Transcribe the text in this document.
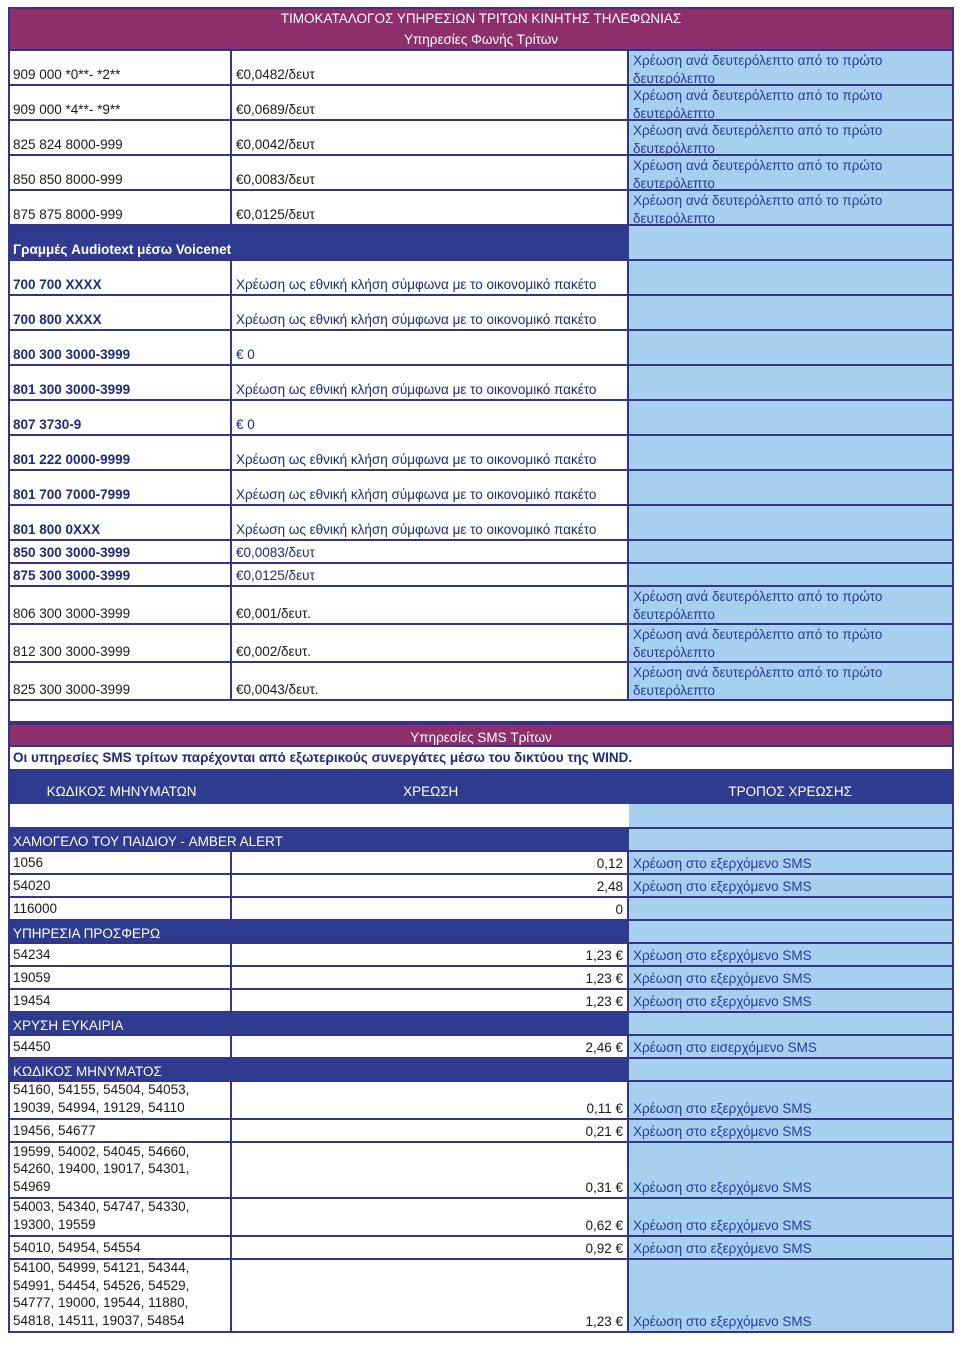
ΤΙΜΟΚΑΤΑΛΟΓΟΣ ΥΠΗΡΕΣΙΩΝ ΤΡΙΤΩΝ ΚΙΝΗΤΗΣ ΤΗΛΕΦΩΝΙΑΣ
Υπηρεσίες Φωνής Τρίτων
909 000 *0**- *2**	€0,0482/δευτ
Χρέωση ανά δευτερόλεπτο από το πρώτο δευτερόλεπτο
909 000 *4**- *9**	€0,0689/δευτ
Χρέωση ανά δευτερόλεπτο από το πρώτο δευτερόλεπτο
825 824 8000-999	€0,0042/δευτ
Χρέωση ανά δευτερόλεπτο από το πρώτο δευτερόλεπτο
850 850 8000-999	€0,0083/δευτ
Χρέωση ανά δευτερόλεπτο από το πρώτο δευτερόλεπτο
875 875 8000-999	€0,0125/δευτ
Χρέωση ανά δευτερόλεπτο από το πρώτο δευτερόλεπτο
Γραμμές Audiotext μέσω Voicenet
700 700 XXXX	Χρέωση ως εθνική κλήση σύμφωνα με το οικονομικό πακέτο
700 800 XXXX	Χρέωση ως εθνική κλήση σύμφωνα με το οικονομικό πακέτο
800 300 3000-3999	€ 0
801 300 3000-3999	Χρέωση ως εθνική κλήση σύμφωνα με το οικονομικό πακέτο
807 3730-9	€ 0
801 222 0000-9999	Χρέωση ως εθνική κλήση σύμφωνα με το οικονομικό πακέτο
801 700 7000-7999	Χρέωση ως εθνική κλήση σύμφωνα με το οικονομικό πακέτο
801 800 0XXX	Χρέωση ως εθνική κλήση σύμφωνα με το οικονομικό πακέτο
850 300 3000-3999	€0,0083/δευτ
875 300 3000-3999	€0,0125/δευτ
806 300 3000-3999	€0,001/δευτ.
Χρέωση ανά δευτερόλεπτο από το πρώτο δευτερόλεπτο
812 300 3000-3999	€0,002/δευτ.
Χρέωση ανά δευτερόλεπτο από το πρώτο δευτερόλεπτο
825 300 3000-3999	€0,0043/δευτ.
Χρέωση ανά δευτερόλεπτο από το πρώτο δευτερόλεπτο
Υπηρεσίες SMS Τρίτων
Οι υπηρεσίες SMS τρίτων παρέχονται από εξωτερικούς συνεργάτες μέσω του δικτύου της WIND.
ΚΩΔΙΚΟΣ ΜΗΝΥΜΑΤΩΝ	ΧΡΕΩΣΗ	ΤΡΟΠΟΣ ΧΡΕΩΣΗΣ
ΧΑΜΟΓΕΛΟ ΤΟΥ ΠΑΙΔΙΟΥ - AMBER ALERT
1056	0,12 Χρέωση στο εξερχόμενο SMS
54020	2,48 Χρέωση στο εξερχόμενο SMS
116000	0
ΥΠΗΡΕΣΙΑ ΠΡΟΣΦΕΡΩ
54234	1,23 € Χρέωση στο εξερχόμενο SMS
19059	1,23 € Χρέωση στο εξερχόμενο SMS
19454	1,23 € Χρέωση στο εξερχόμενο SMS
ΧΡΥΣΗ ΕΥΚΑΙΡΙΑ
54450	2,46 € Χρέωση στο εισερχόμενο SMS
ΚΩΔΙΚΟΣ ΜΗΝΥΜΑΤΟΣ
54160, 54155, 54504, 54053,
19039, 54994, 19129, 54110	0,11 € Χρέωση στο εξερχόμενο SMS
19456, 54677	0,21 € Χρέωση στο εξερχόμενο SMS
19599, 54002, 54045, 54660,
54260, 19400, 19017, 54301,
54969	0,31 € Χρέωση στο εξερχόμενο SMS
54003, 54340, 54747, 54330,
19300, 19559	0,62 € Χρέωση στο εξερχόμενο SMS
54010, 54954, 54554	0,92 € Χρέωση στο εξερχόμενο SMS
54100, 54999, 54121, 54344,
54991, 54454, 54526, 54529,
54777, 19000, 19544, 11880,
54818, 14511, 19037, 54854	1,23 € Χρέωση στο εξερχόμενο SMS
